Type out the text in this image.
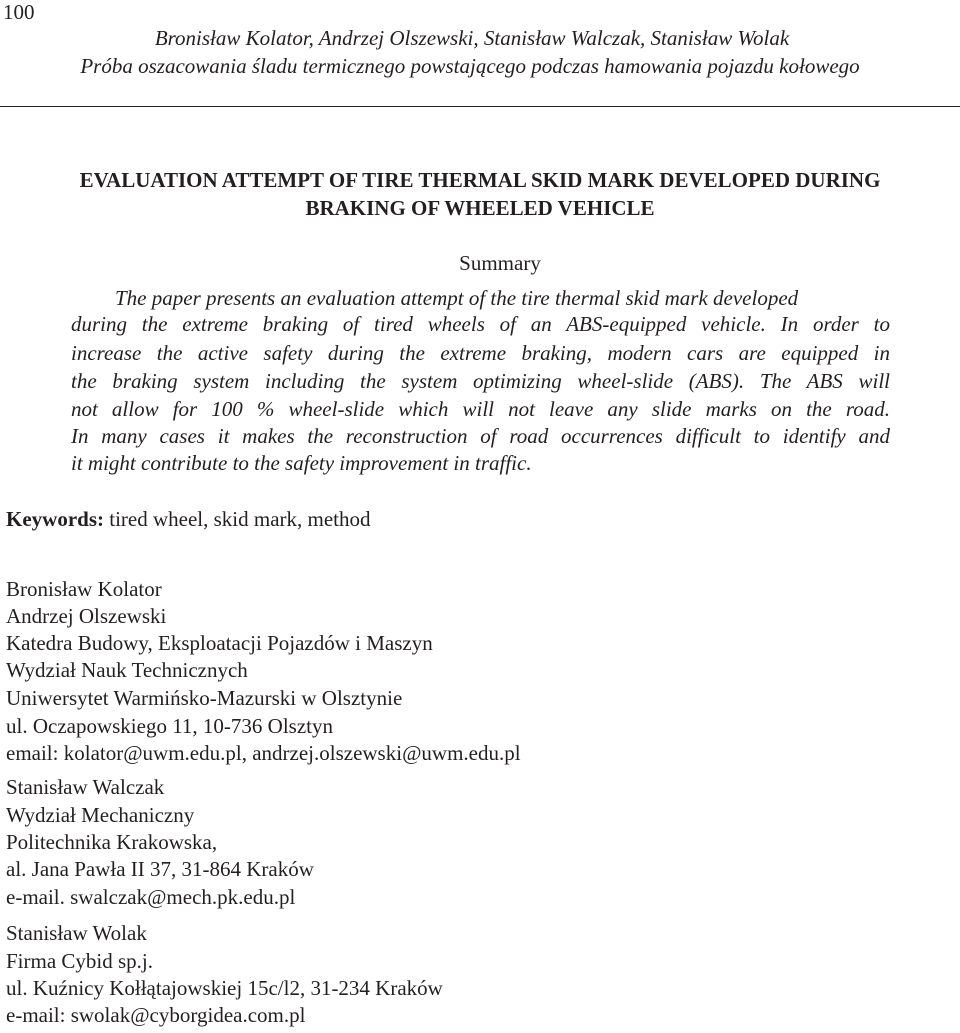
100
Bronisław Kolator, Andrzej Olszewski, Stanisław Walczak, Stanisław Wolak
Próba oszacowania śladu termicznego powstającego podczas hamowania pojazdu kołowego
EVALUATION ATTEMPT OF TIRE THERMAL SKID MARK DEVELOPED DURING
BRAKING OF WHEELED VEHICLE
Summary
The paper presents an evaluation attempt of the tire thermal skid mark developed
during the extreme braking of tired wheels of an ABS-equipped vehicle. In order to
increase the active safety during the extreme braking, modern cars are equipped in
the braking system including the system optimizing wheel-slide (ABS). The ABS will
not allow for 100 % wheel-slide which will not leave any slide marks on the road.
In many cases it makes the reconstruction of road occurrences difficult to identify and
it might contribute to the safety improvement in traffic.
Keywords: tired wheel, skid mark, method
Bronisław Kolator
Andrzej Olszewski
Katedra Budowy, Eksploatacji Pojazdów i Maszyn
Wydział Nauk Technicznych
Uniwersytet Warmińsko-Mazurski w Olsztynie
ul. Oczapowskiego 11, 10-736 Olsztyn
email: kolator@uwm.edu.pl, andrzej.olszewski@uwm.edu.pl
Stanisław Walczak
Wydział Mechaniczny
Politechnika Krakowska,
al. Jana Pawła II 37, 31-864 Kraków
e-mail. swalczak@mech.pk.edu.pl
Stanisław Wolak
Firma Cybid sp.j.
ul. Kuźnicy Kołłątajowskiej 15c/l2, 31-234 Kraków
e-mail: swolak@cyborgidea.com.pl
